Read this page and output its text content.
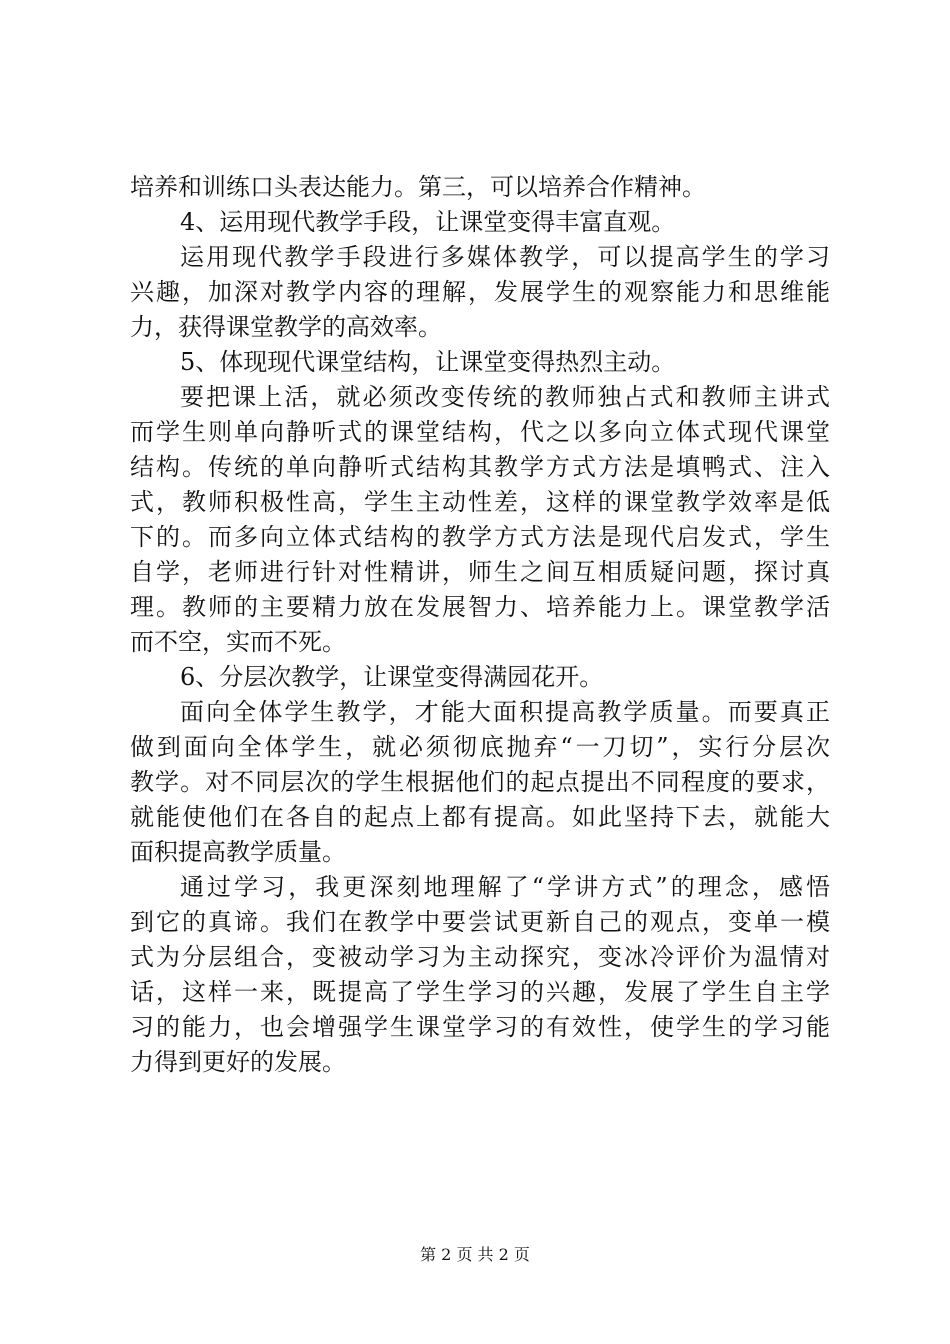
培养和训练口头表达能力。第三，可以培养合作精神。
4、运用现代教学手段，让课堂变得丰富直观。
运用现代教学手段进行多媒体教学，可以提高学生的学习
兴趣，加深对教学内容的理解，发展学生的观察能力和思维能
力，获得课堂教学的高效率。
5、体现现代课堂结构，让课堂变得热烈主动。
要把课上活，就必须改变传统的教师独占式和教师主讲式
而学生则单向静听式的课堂结构，代之以多向立体式现代课堂
结构。传统的单向静听式结构其教学方式方法是填鸭式、注入
式，教师积极性高，学生主动性差，这样的课堂教学效率是低
下的。而多向立体式结构的教学方式方法是现代启发式，学生
自学，老师进行针对性精讲，师生之间互相质疑问题，探讨真
理。教师的主要精力放在发展智力、培养能力上。课堂教学活
而不空，实而不死。
6、分层次教学，让课堂变得满园花开。
面向全体学生教学，才能大面积提高教学质量。而要真正
做到面向全体学生，就必须彻底抛弃“一刀切”，实行分层次
教学。对不同层次的学生根据他们的起点提出不同程度的要求，
就能使他们在各自的起点上都有提高。如此坚持下去，就能大
面积提高教学质量。
通过学习，我更深刻地理解了“学讲方式”的理念，感悟
到它的真谛。我们在教学中要尝试更新自己的观点，变单一模
式为分层组合，变被动学习为主动探究，变冰冷评价为温情对
话，这样一来，既提高了学生学习的兴趣，发展了学生自主学
习的能力，也会增强学生课堂学习的有效性，使学生的学习能
力得到更好的发展。
第 2 页 共 2 页
